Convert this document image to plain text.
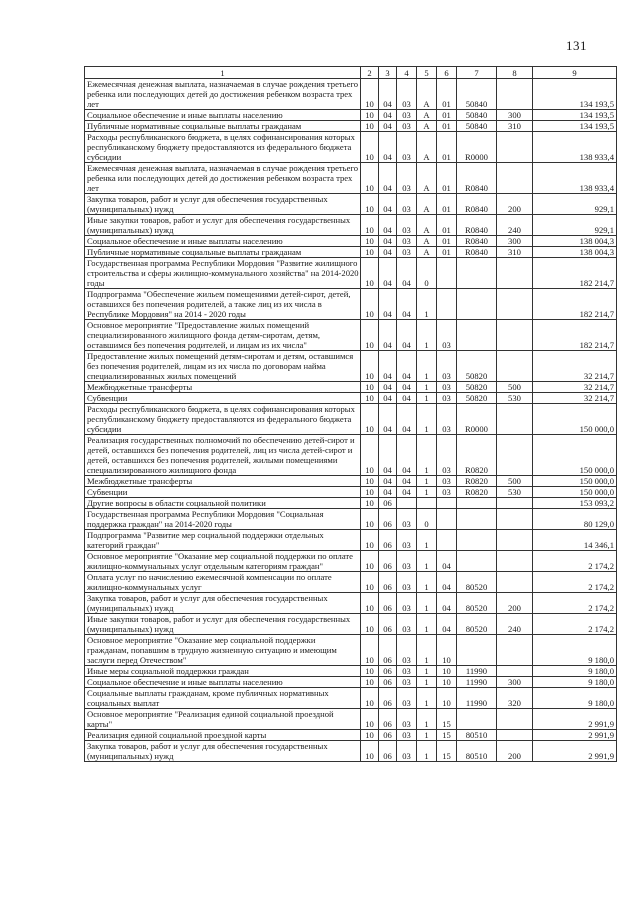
131
1	2	3	4	5	6	7	8	9
Ежемесячная денежная выплата, назначаемая в случае рождения третьего ребенка или последующих детей до достижения ребенком возраста трех лет	10	04	03	А	01	50840		134 193,5
Социальное обеспечение и иные выплаты населению	10	04	03	А	01	50840	300	134 193,5
Публичные нормативные социальные выплаты гражданам	10	04	03	А	01	50840	310	134 193,5
Расходы республиканского бюджета, в целях софинансирования которых республиканскому бюджету предоставляются из федерального бюджета субсидии	10	04	03	А	01	R0000		138 933,4
Ежемесячная денежная выплата, назначаемая в случае рождения третьего ребенка или последующих детей до достижения ребенком возраста трех лет	10	04	03	А	01	R0840		138 933,4
Закупка товаров, работ и услуг для обеспечения государственных (муниципальных) нужд	10	04	03	А	01	R0840	200	929,1
Иные закупки товаров, работ и услуг для обеспечения государственных (муниципальных) нужд	10	04	03	А	01	R0840	240	929,1
Социальное обеспечение и иные выплаты населению	10	04	03	А	01	R0840	300	138 004,3
Публичные нормативные социальные выплаты гражданам	10	04	03	А	01	R0840	310	138 004,3
Государственная программа Республики Мордовия "Развитие жилищного строительства и сферы жилищно-коммунального хозяйства" на 2014-2020 годы	10	04	04	0				182 214,7
Подпрограмма "Обеспечение жильем помещениями детей-сирот, детей, оставшихся без попечения родителей, а также лиц из их числа в Республике Мордовия" на 2014 - 2020 годы	10	04	04	1				182 214,7
Основное мероприятие "Предоставление жилых помещений специализированного жилищного фонда детям-сиротам, детям, оставшимся без попечения родителей, и лицам из их числа"	10	04	04	1	03			182 214,7
Предоставление жилых помещений детям-сиротам и детям, оставшимся без попечения родителей, лицам из их числа по договорам найма специализированных жилых помещений	10	04	04	1	03	50820		32 214,7
Межбюджетные трансферты	10	04	04	1	03	50820	500	32 214,7
Субвенции	10	04	04	1	03	50820	530	32 214,7
Расходы республиканского бюджета, в целях софинансирования которых республиканскому бюджету предоставляются из федерального бюджета субсидии	10	04	04	1	03	R0000		150 000,0
Реализация государственных полномочий по обеспечению детей-сирот и детей, оставшихся без попечения родителей, лиц из числа детей-сирот и детей, оставшихся без попечения родителей, жилыми помещениями специализированного жилищного фонда	10	04	04	1	03	R0820		150 000,0
Межбюджетные трансферты	10	04	04	1	03	R0820	500	150 000,0
Субвенции	10	04	04	1	03	R0820	530	150 000,0
Другие вопросы в области социальной политики	10	06						153 093,2
Государственная программа Республики Мордовия "Социальная поддержка граждан" на 2014-2020 годы	10	06	03	0				80 129,0
Подпрограмма "Развитие мер социальной поддержки отдельных категорий граждан"	10	06	03	1				14 346,1
Основное мероприятие "Оказание мер социальной поддержки по оплате жилищно-коммунальных услуг отдельным категориям граждан"	10	06	03	1	04			2 174,2
Оплата услуг по начислению ежемесячной компенсации по оплате жилищно-коммунальных услуг	10	06	03	1	04	80520		2 174,2
Закупка товаров, работ и услуг для обеспечения государственных (муниципальных) нужд	10	06	03	1	04	80520	200	2 174,2
Иные закупки товаров, работ и услуг для обеспечения государственных (муниципальных) нужд	10	06	03	1	04	80520	240	2 174,2
Основное мероприятие "Оказание мер социальной поддержки гражданам, попавшим в трудную жизненную ситуацию и имеющим заслуги перед Отечеством"	10	06	03	1	10			9 180,0
Иные меры социальной поддержки граждан	10	06	03	1	10	11990		9 180,0
Социальное обеспечение и иные выплаты населению	10	06	03	1	10	11990	300	9 180,0
Социальные выплаты гражданам, кроме публичных нормативных социальных выплат	10	06	03	1	10	11990	320	9 180,0
Основное мероприятие "Реализация единой социальной проездной карты"	10	06	03	1	15			2 991,9
Реализация единой социальной проездной карты	10	06	03	1	15	80510		2 991,9
Закупка товаров, работ и услуг для обеспечения государственных (муниципальных) нужд	10	06	03	1	15	80510	200	2 991,9
